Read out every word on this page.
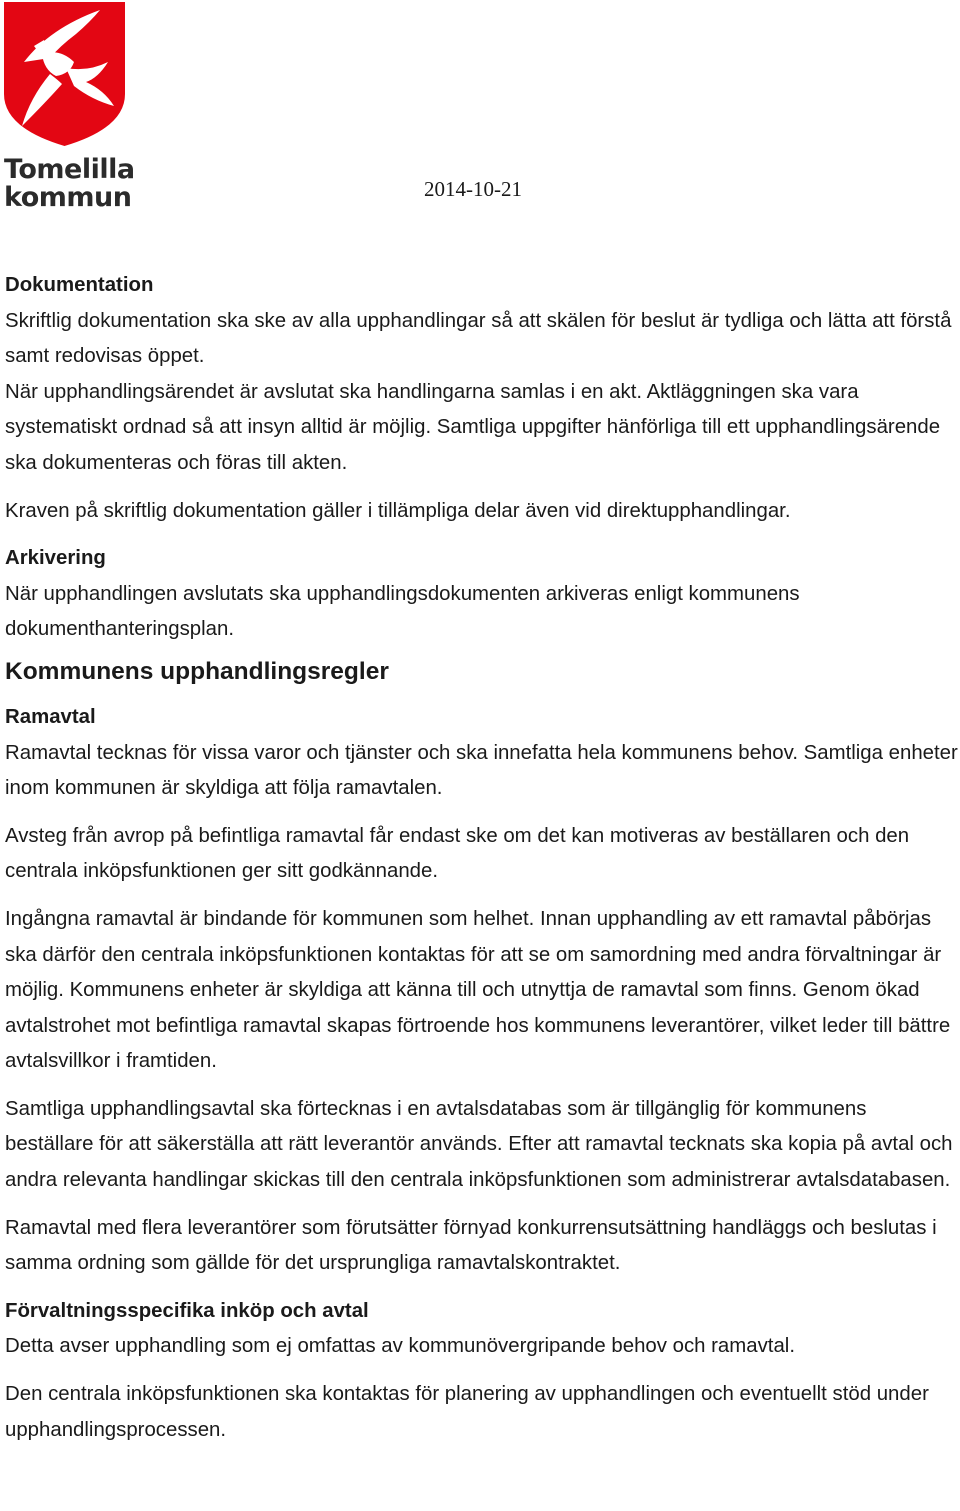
Tomelilla
kommun	2014-10-21
Dokumentation

Skriftlig dokumentation ska ske av alla upphandlingar så att skälen för beslut är tydliga och lätta att förstå samt redovisas öppet.

När upphandlingsärendet är avslutat ska handlingarna samlas i en akt. Aktläggningen ska vara systematiskt ordnad så att insyn alltid är möjlig. Samtliga uppgifter hänförliga till ett upphandlingsärende ska dokumenteras och föras till akten.

Kraven på skriftlig dokumentation gäller i tillämpliga delar även vid direktupphandlingar.

Arkivering

När upphandlingen avslutats ska upphandlingsdokumenten arkiveras enligt kommunens dokumenthanteringsplan.

Kommunens upphandlingsregler
Ramavtal

Ramavtal tecknas för vissa varor och tjänster och ska innefatta hela kommunens behov. Samtliga enheter inom kommunen är skyldiga att följa ramavtalen.

Avsteg från avrop på befintliga ramavtal får endast ske om det kan motiveras av beställaren och den centrala inköpsfunktionen ger sitt godkännande.

Ingångna ramavtal är bindande för kommunen som helhet. Innan upphandling av ett ramavtal påbörjas ska därför den centrala inköpsfunktionen kontaktas för att se om samordning med andra förvaltningar är möjlig. Kommunens enheter är skyldiga att känna till och utnyttja de ramavtal som finns. Genom ökad avtalstrohet mot befintliga ramavtal skapas förtroende hos kommunens leverantörer, vilket leder till bättre avtalsvillkor i framtiden.

Samtliga upphandlingsavtal ska förtecknas i en avtalsdatabas som är tillgänglig för kommunens beställare för att säkerställa att rätt leverantör används. Efter att ramavtal tecknats ska kopia på avtal och andra relevanta handlingar skickas till den centrala inköpsfunktionen som administrerar avtalsdatabasen.

Ramavtal med flera leverantörer som förutsätter förnyad konkurrensutsättning handläggs och beslutas i samma ordning som gällde för det ursprungliga ramavtalskontraktet.

Förvaltningsspecifika inköp och avtal

Detta avser upphandling som ej omfattas av kommunövergripande behov och ramavtal.

Den centrala inköpsfunktionen ska kontaktas för planering av upphandlingen och eventuellt stöd under upphandlingsprocessen.
